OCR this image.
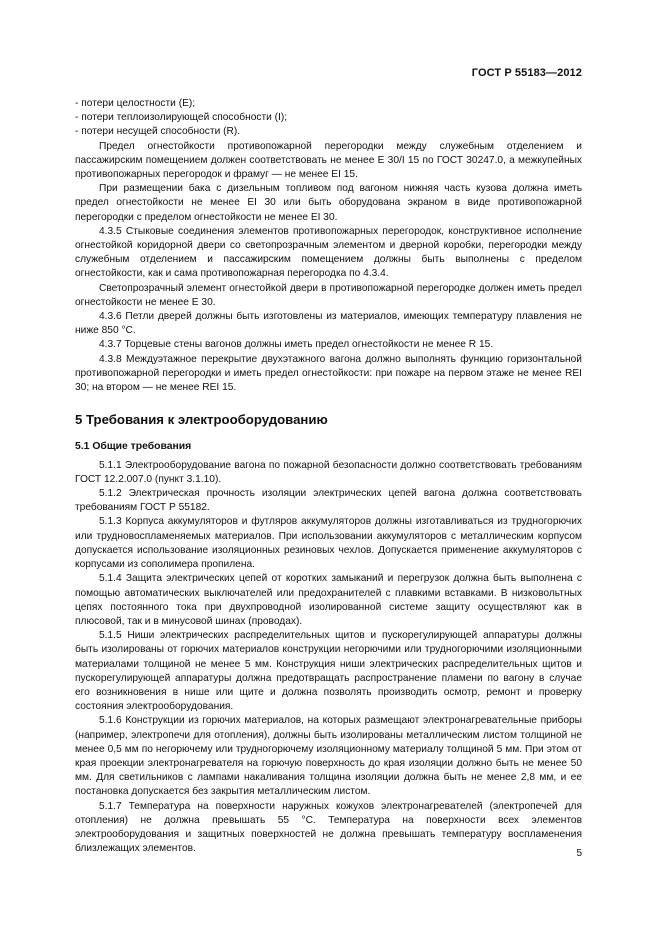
ГОСТ Р 55183—2012

- потери целостности (Е);

- потери теплоизолирующей способности (I);

- потери несущей способности (R).

Предел огнестойкости противопожарной перегородки между служебным отделением и пассажирским помещением должен соответствовать не менее Е 30/I 15 по ГОСТ 30247.0, а межкупейных противопожарных перегородок и фрамуг — не менее ЕI 15.

При размещении бака с дизельным топливом под вагоном нижняя часть кузова должна иметь предел огнестойкости не менее ЕI 30 или быть оборудована экраном в виде противопожарной перегородки с пределом огнестойкости не менее ЕI 30.

4.3.5 Стыковые соединения элементов противопожарных перегородок, конструктивное исполнение огнестойкой коридорной двери со светопрозрачным элементом и дверной коробки, перегородки между служебным отделением и пассажирским помещением должны быть выполнены с пределом огнестойкости, как и сама противопожарная перегородка по 4.3.4.

Светопрозрачный элемент огнестойкой двери в противопожарной перегородке должен иметь предел огнестойкости не менее Е 30.

4.3.6 Петли дверей должны быть изготовлены из материалов, имеющих температуру плавления не ниже 850 °С.

4.3.7 Торцевые стены вагонов должны иметь предел огнестойкости не менее R 15.

4.3.8 Междуэтажное перекрытие двухэтажного вагона должно выполнять функцию горизонтальной противопожарной перегородки и иметь предел огнестойкости: при пожаре на первом этаже не менее REI 30; на втором — не менее REI 15.

5 Требования к электрооборудованию
5.1 Общие требования

5.1.1 Электрооборудование вагона по пожарной безопасности должно соответствовать требованиям ГОСТ 12.2.007.0 (пункт 3.1.10).

5.1.2 Электрическая прочность изоляции электрических цепей вагона должна соответствовать требованиям ГОСТ Р 55182.

5.1.3 Корпуса аккумуляторов и футляров аккумуляторов должны изготавливаться из трудногорючих или трудновоспламеняемых материалов. При использовании аккумуляторов с металлическим корпусом допускается использование изоляционных резиновых чехлов. Допускается применение аккумуляторов с корпусами из сополимера пропилена.

5.1.4 Защита электрических цепей от коротких замыканий и перегрузок должна быть выполнена с помощью автоматических выключателей или предохранителей с плавкими вставками. В низковольтных цепях постоянного тока при двухпроводной изолированной системе защиту осуществляют как в плюсовой, так и в минусовой шинах (проводах).

5.1.5 Ниши электрических распределительных щитов и пускорегулирующей аппаратуры должны быть изолированы от горючих материалов конструкции негорючими или трудногорючими изоляционными материалами толщиной не менее 5 мм. Конструкция ниши электрических распределительных щитов и пускорегулирующей аппаратуры должна предотвращать распространение пламени по вагону в случае его возникновения в нише или щите и должна позволять производить осмотр, ремонт и проверку состояния электрооборудования.

5.1.6 Конструкции из горючих материалов, на которых размещают электронагревательные приборы (например, электропечи для отопления), должны быть изолированы металлическим листом толщиной не менее 0,5 мм по негорючему или трудногорючему изоляционному материалу толщиной 5 мм. При этом от края проекции электронагревателя на горючую поверхность до края изоляции должно быть не менее 50 мм. Для светильников с лампами накаливания толщина изоляции должна быть не менее 2,8 мм, и ее постановка допускается без закрытия металлическим листом.

5.1.7 Температура на поверхности наружных кожухов электронагревателей (электропечей для отопления) не должна превышать 55 °С. Температура на поверхности всех элементов электрооборудования и защитных поверхностей не должна превышать температуру воспламенения близлежащих элементов.	5
